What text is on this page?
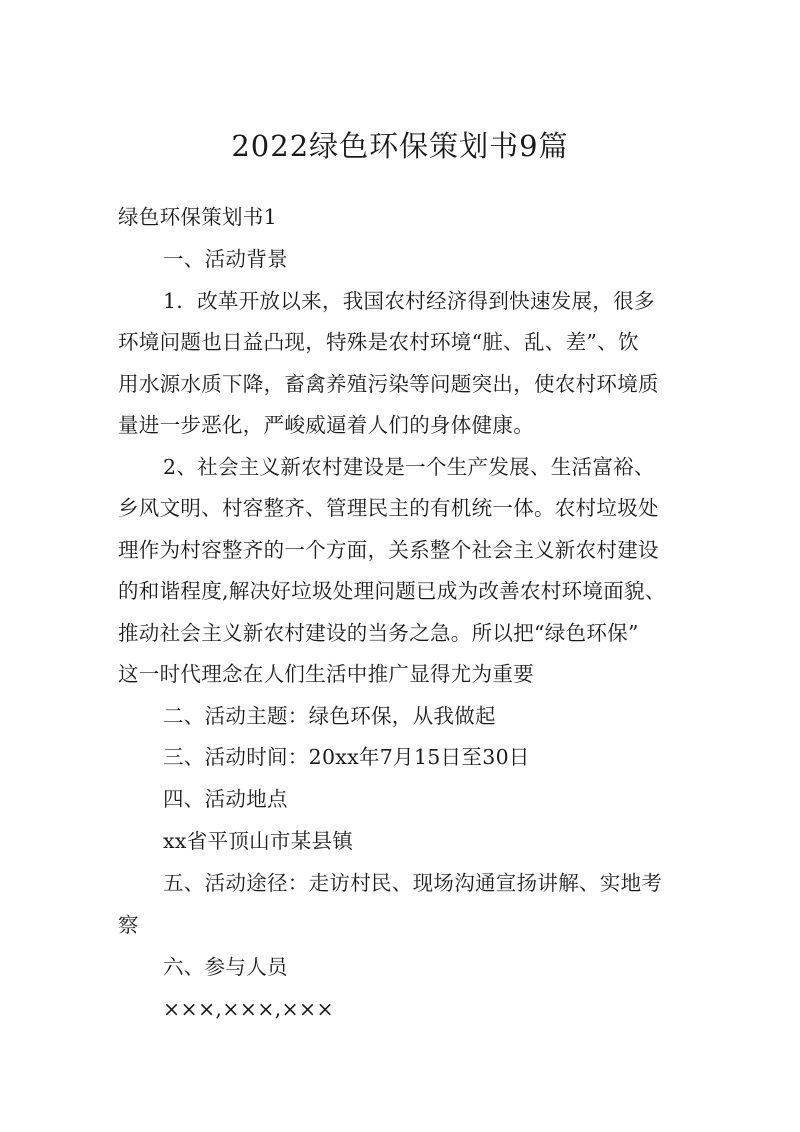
2022绿色环保策划书9篇
绿色环保策划书1
一、活动背景
1．改革开放以来，我国农村经济得到快速发展，很多
环境问题也日益凸现，特殊是农村环境“脏、乱、差”、饮
用水源水质下降，畜禽养殖污染等问题突出，使农村环境质
量进一步恶化，严峻威逼着人们的身体健康。
2、社会主义新农村建设是一个生产发展、生活富裕、
乡风文明、村容整齐、管理民主的有机统一体。农村垃圾处
理作为村容整齐的一个方面，关系整个社会主义新农村建设
的和谐程度,解决好垃圾处理问题已成为改善农村环境面貌、
推动社会主义新农村建设的当务之急。所以把“绿色环保”
这一时代理念在人们生活中推广显得尤为重要
二、活动主题：绿色环保，从我做起
三、活动时间：20xx年7月15日至30日
四、活动地点
xx省平顶山市某县镇
五、活动途径：走访村民、现场沟通宣扬讲解、实地考
察
六、参与人员
×××,×××,×××
